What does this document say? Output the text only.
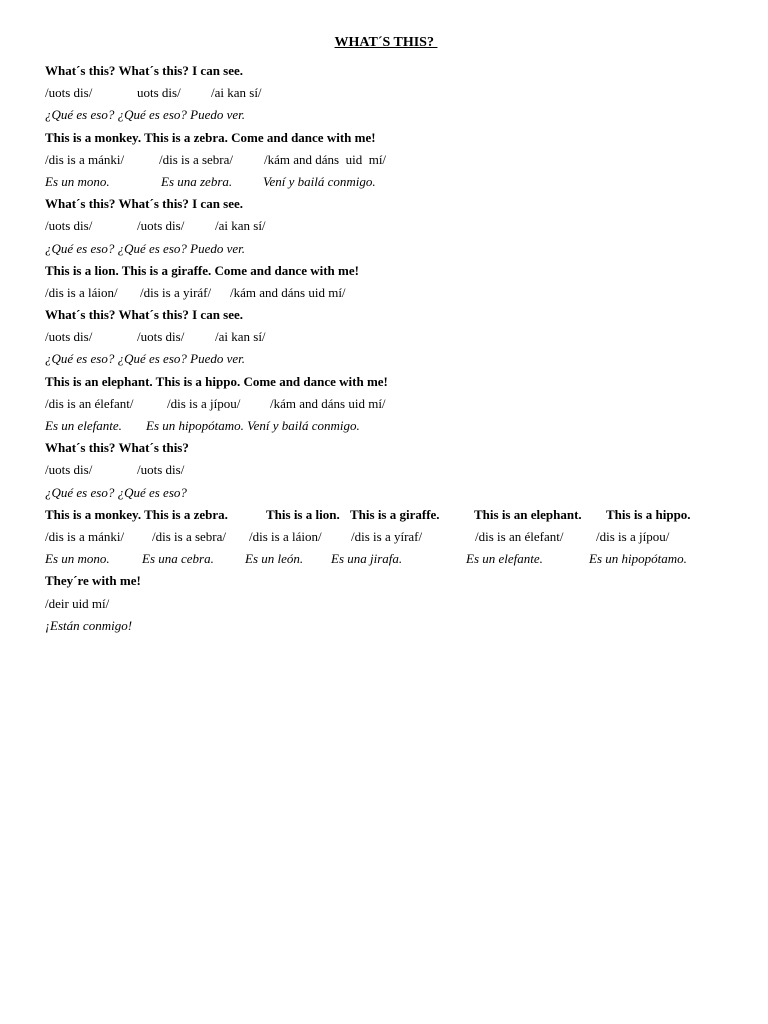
WHAT´S THIS?
What´s this? What´s this? I can see.
/uots dis/	uots dis/ /ai kan sí/
¿Qué es eso? ¿Qué es eso? Puedo ver.
This is a monkey. This is a zebra. Come and dance with me!
/dis is a mánki/	/dis is a sebra/ /kám and dáns  uid  mí/
Es un mono.	Es una zebra. Vení y bailá conmigo.
What´s this? What´s this? I can see.
/uots dis/	/uots dis/ /ai kan sí/
¿Qué es eso? ¿Qué es eso? Puedo ver.
This is a lion. This is a giraffe. Come and dance with me!
/dis is a láion/ /dis is a yiráf/ /kám and dáns uid mí/
What´s this? What´s this? I can see.
/uots dis/	/uots dis/ /ai kan sí/
¿Qué es eso? ¿Qué es eso? Puedo ver.
This is an elephant. This is a hippo. Come and dance with me!
/dis is an élefant/	/dis is a jípou/ /kám and dáns uid mí/
Es un elefante. Es un hipopótamo. Vení y bailá conmigo.
What´s this? What´s this?
/uots dis/	/uots dis/
¿Qué es eso? ¿Qué es eso?
This is a monkey. This is a zebra.	This is a lion. This is a giraffe.	This is an elephant. This is a hippo.
/dis is a mánki/ /dis is a sebra/ /dis is a láion/ /dis is a yíraf/	/dis is an élefant/	/dis is a jípou/
Es un mono. Es una cebra. Es un león. Es una jirafa.	Es un elefante.	Es un hipopótamo.
They´re with me!
/deir uid mí/
¡Están conmigo!
